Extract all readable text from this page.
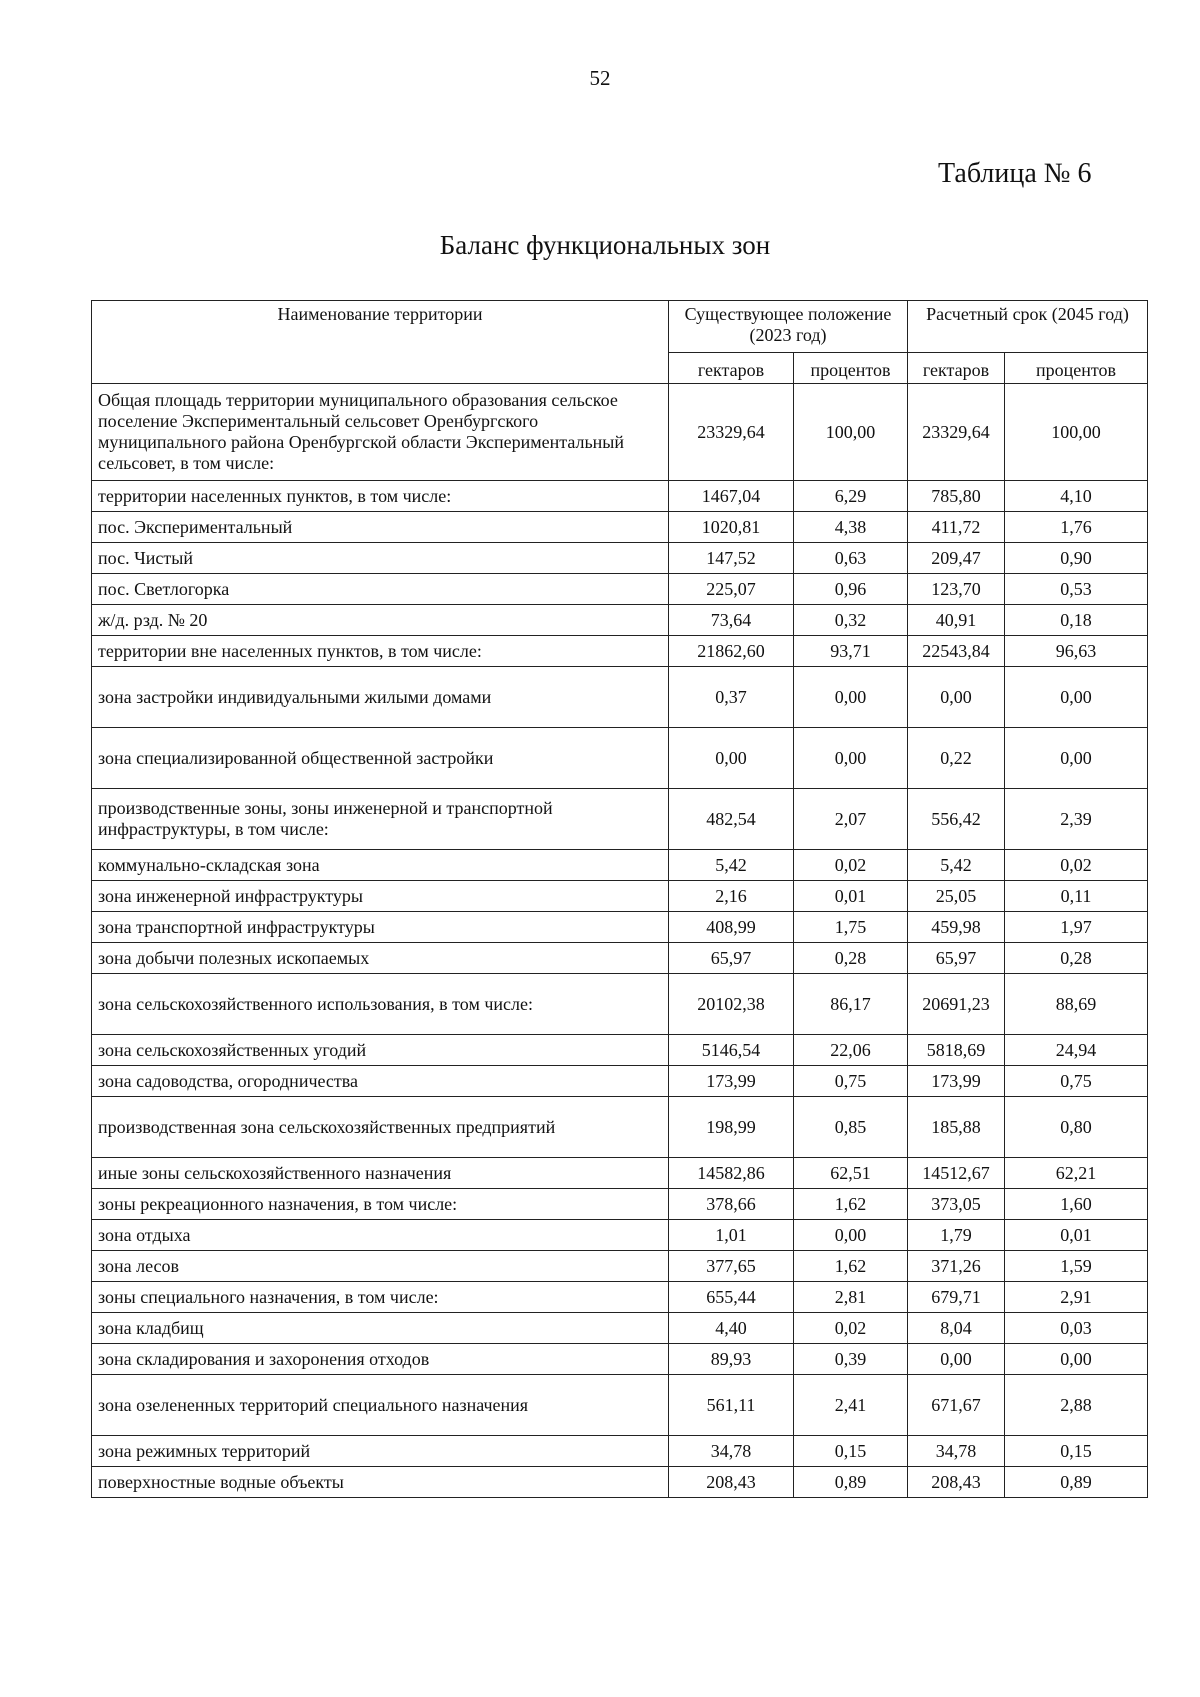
52
Таблица № 6
Баланс функциональных зон
Наименование территории	Существующее положение (2023 год)		Расчетный срок (2045 год)	
	гектаров	процентов	гектаров	процентов
Общая площадь территории муниципального образования сельское поселение Экспериментальный сельсовет Оренбургского муниципального района Оренбургской области Экспериментальный сельсовет, в том числе:	23329,64	100,00	23329,64	100,00
территории населенных пунктов, в том числе:	1467,04	6,29	785,80	4,10
пос. Экспериментальный	1020,81	4,38	411,72	1,76
пос. Чистый	147,52	0,63	209,47	0,90
пос. Светлогорка	225,07	0,96	123,70	0,53
ж/д. рзд. № 20	73,64	0,32	40,91	0,18
территории вне населенных пунктов, в том числе:	21862,60	93,71	22543,84	96,63
зона застройки индивидуальными жилыми домами	0,37	0,00	0,00	0,00
зона специализированной общественной застройки	0,00	0,00	0,22	0,00
производственные зоны, зоны инженерной и транспортной инфраструктуры, в том числе:	482,54	2,07	556,42	2,39
коммунально-складская зона	5,42	0,02	5,42	0,02
зона инженерной инфраструктуры	2,16	0,01	25,05	0,11
зона транспортной инфраструктуры	408,99	1,75	459,98	1,97
зона добычи полезных ископаемых	65,97	0,28	65,97	0,28
зона сельскохозяйственного использования, в том числе:	20102,38	86,17	20691,23	88,69
зона сельскохозяйственных угодий	5146,54	22,06	5818,69	24,94
зона садоводства, огородничества	173,99	0,75	173,99	0,75
производственная зона сельскохозяйственных предприятий	198,99	0,85	185,88	0,80
иные зоны сельскохозяйственного назначения	14582,86	62,51	14512,67	62,21
зоны рекреационного назначения, в том числе:	378,66	1,62	373,05	1,60
зона отдыха	1,01	0,00	1,79	0,01
зона лесов	377,65	1,62	371,26	1,59
зоны специального назначения, в том числе:	655,44	2,81	679,71	2,91
зона кладбищ	4,40	0,02	8,04	0,03
зона складирования и захоронения отходов	89,93	0,39	0,00	0,00
зона озелененных территорий специального назначения	561,11	2,41	671,67	2,88
зона режимных территорий	34,78	0,15	34,78	0,15
поверхностные водные объекты	208,43	0,89	208,43	0,89
